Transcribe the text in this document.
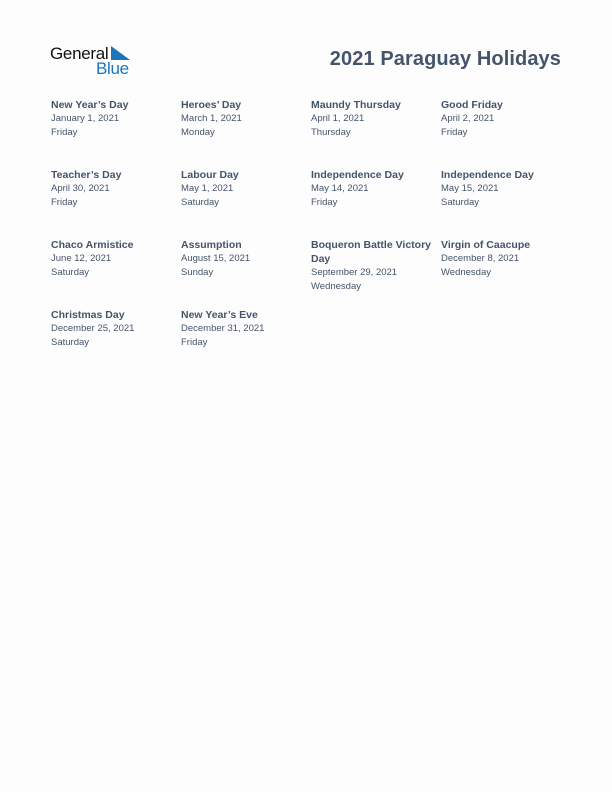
General
Blue	2021 Paraguay Holidays
New Year’s Day
January 1, 2021
Friday
Heroes’ Day
March 1, 2021
Monday
Maundy Thursday
April 1, 2021
Thursday
Good Friday
April 2, 2021
Friday
Teacher’s Day
April 30, 2021
Friday
Labour Day
May 1, 2021
Saturday
Independence Day
May 14, 2021
Friday
Independence Day
May 15, 2021
Saturday
Chaco Armistice
June 12, 2021
Saturday
Assumption
August 15, 2021
Sunday
Boqueron Battle Victory Day
September 29, 2021
Wednesday
Virgin of Caacupe
December 8, 2021
Wednesday
Christmas Day
December 25, 2021
Saturday
New Year’s Eve
December 31, 2021
Friday
